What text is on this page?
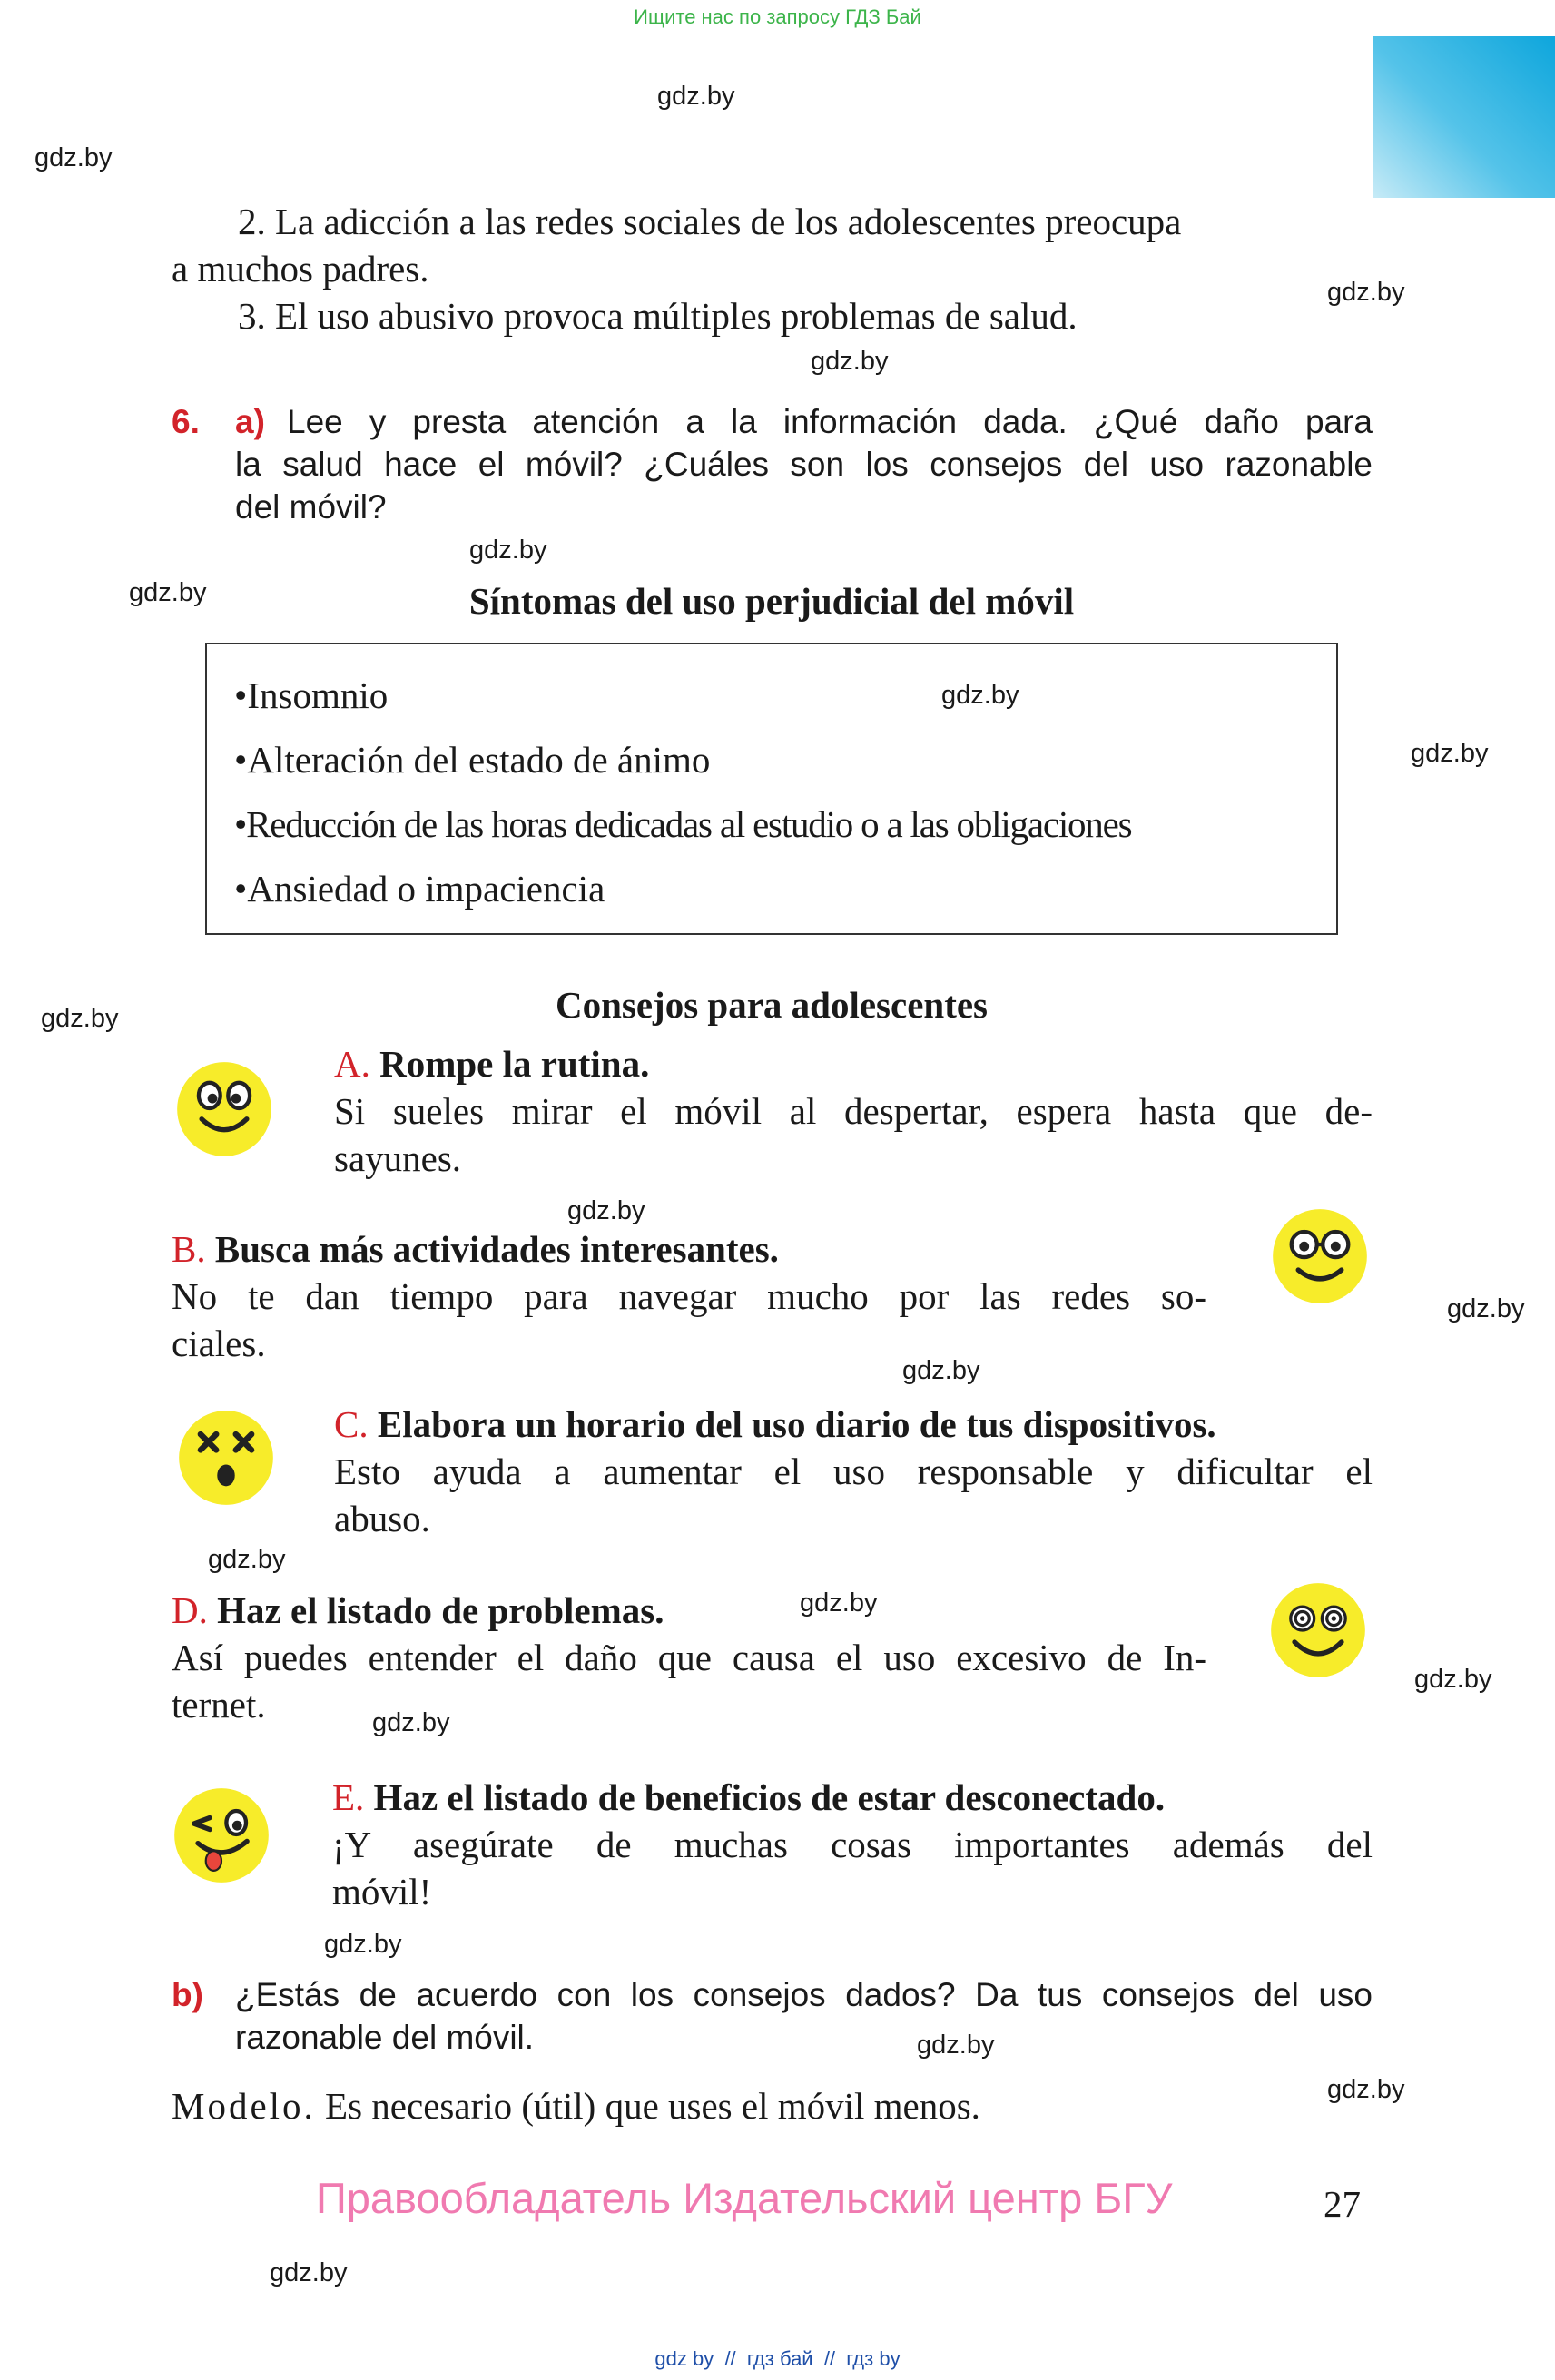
Ищите нас по запросу ГДЗ Бай
gdz.by
gdz.by
gdz.by
gdz.by
gdz.by
gdz.by
gdz.by
gdz.by
gdz.by
gdz.by
gdz.by
gdz.by
gdz.by
gdz.by
gdz.by
gdz.by
gdz.by
gdz.by
gdz.by
gdz.by
2. La adicción a las redes sociales de los adolescentes preocupa
a muchos padres.
3. El uso abusivo provoca múltiples problemas de salud.
6. a) Lee y presta atención a la información dada. ¿Qué daño para
la salud hace el móvil? ¿Cuáles son los consejos del uso razonable
del móvil?
Síntomas del uso perjudicial del móvil
•Insomnio
•Alteración del estado de ánimo
•Reducción de las horas dedicadas al estudio o a las obligaciones
•Ansiedad o impaciencia
Consejos para adolescentes
A. Rompe la rutina.
Si sueles mirar el móvil al despertar, espera hasta que de-
sayunes.
B. Busca más actividades interesantes.
No te dan tiempo para navegar mucho por las redes so-
ciales.
C. Elabora un horario del uso diario de tus dispositivos.
Esto ayuda a aumentar el uso responsable y dificultar el
abuso.
D. Haz el listado de problemas.
Así puedes entender el daño que causa el uso excesivo de In-
ternet.
E. Haz el listado de beneficios de estar desconectado.
¡Y asegúrate de muchas cosas importantes además del
móvil!
b) ¿Estás de acuerdo con los consejos dados? Da tus consejos del uso
razonable del móvil.
Modelo. Es necesario (útil) que uses el móvil menos.
Правообладатель Издательский центр БГУ	27
gdz by  //  гдз бай  //  гдз by
